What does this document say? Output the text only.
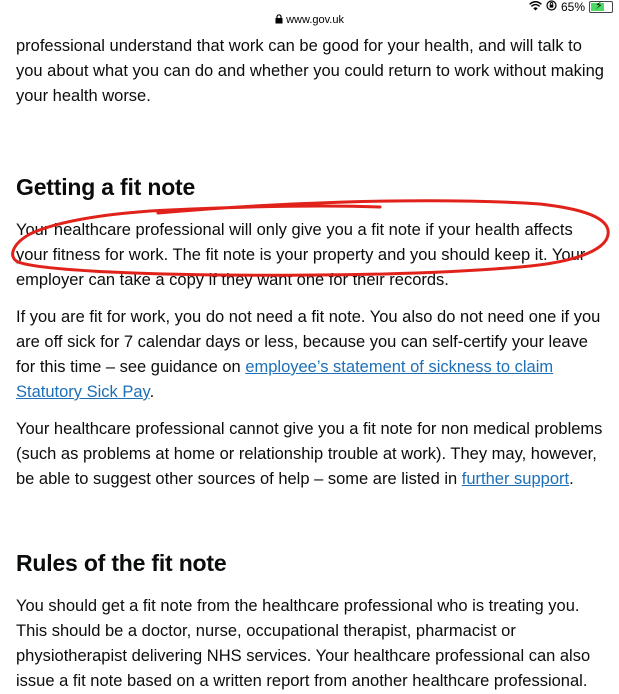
65% ⚡
www.gov.uk

professional understand that work can be good for your health, and will talk to you about what you can do and whether you could return to work without making your health worse.

Getting a fit note

Your healthcare professional will only give you a fit note if your health affects your fitness for work. The fit note is your property and you should keep it. Your employer can take a copy if they want one for their records.

If you are fit for work, you do not need a fit note. You also do not need one if you are off sick for 7 calendar days or less, because you can self-certify your leave for this time – see guidance on employee’s statement of sickness to claim Statutory Sick Pay.

Your healthcare professional cannot give you a fit note for non medical problems (such as problems at home or relationship trouble at work). They may, however, be able to suggest other sources of help – some are listed in further support.

Rules of the fit note

You should get a fit note from the healthcare professional who is treating you. This should be a doctor, nurse, occupational therapist, pharmacist or physiotherapist delivering NHS services. Your healthcare professional can also issue a fit note based on a written report from another healthcare professional.
